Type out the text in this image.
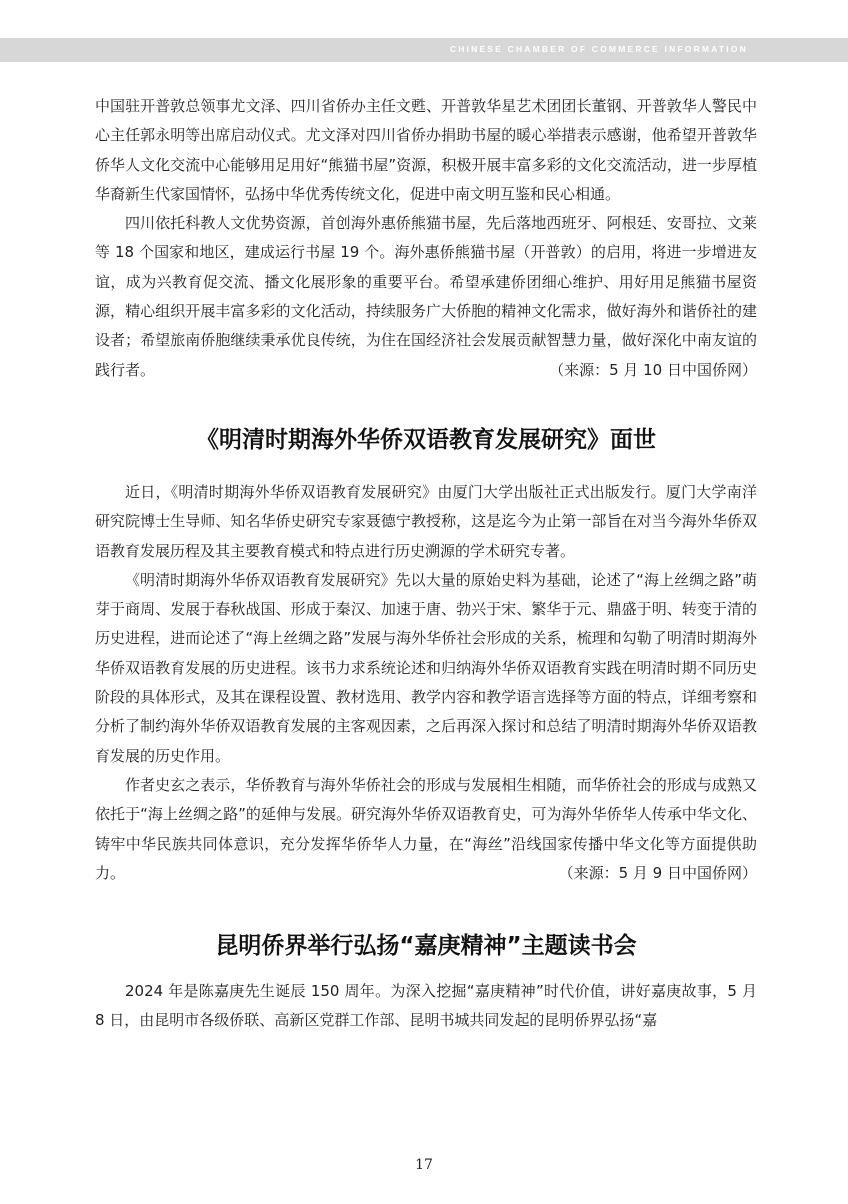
CHINESE CHAMBER OF COMMERCE INFORMATION

中国驻开普敦总领事尤文泽、四川省侨办主任文甦、开普敦华星艺术团团长董钢、开普敦华人警民中心主任郭永明等出席启动仪式。尤文泽对四川省侨办捐助书屋的暖心举措表示感谢，他希望开普敦华侨华人文化交流中心能够用足用好“熊猫书屋”资源，积极开展丰富多彩的文化交流活动，进一步厚植华裔新生代家国情怀，弘扬中华优秀传统文化，促进中南文明互鉴和民心相通。

四川依托科教人文优势资源，首创海外惠侨熊猫书屋，先后落地西班牙、阿根廷、安哥拉、文莱等 18 个国家和地区，建成运行书屋 19 个。海外惠侨熊猫书屋（开普敦）的启用，将进一步增进友谊，成为兴教育促交流、播文化展形象的重要平台。希望承建侨团细心维护、用好用足熊猫书屋资源，精心组织开展丰富多彩的文化活动，持续服务广大侨胞的精神文化需求，做好海外和谐侨社的建设者；希望旅南侨胞继续秉承优良传统，为住在国经济社会发展贡献智慧力量，做好深化中南友谊的践行者。	（来源：5 月 10 日中国侨网）

《明清时期海外华侨双语教育发展研究》面世

近日，《明清时期海外华侨双语教育发展研究》由厦门大学出版社正式出版发行。厦门大学南洋研究院博士生导师、知名华侨史研究专家聂德宁教授称，这是迄今为止第一部旨在对当今海外华侨双语教育发展历程及其主要教育模式和特点进行历史溯源的学术研究专著。

《明清时期海外华侨双语教育发展研究》先以大量的原始史料为基础，论述了“海上丝绸之路”萌芽于商周、发展于春秋战国、形成于秦汉、加速于唐、勃兴于宋、繁华于元、鼎盛于明、转变于清的历史进程，进而论述了“海上丝绸之路”发展与海外华侨社会形成的关系，梳理和勾勒了明清时期海外华侨双语教育发展的历史进程。该书力求系统论述和归纳海外华侨双语教育实践在明清时期不同历史阶段的具体形式，及其在课程设置、教材选用、教学内容和教学语言选择等方面的特点，详细考察和分析了制约海外华侨双语教育发展的主客观因素，之后再深入探讨和总结了明清时期海外华侨双语教育发展的历史作用。

作者史玄之表示，华侨教育与海外华侨社会的形成与发展相生相随，而华侨社会的形成与成熟又依托于“海上丝绸之路”的延伸与发展。研究海外华侨双语教育史，可为海外华侨华人传承中华文化、铸牢中华民族共同体意识，充分发挥华侨华人力量，在“海丝”沿线国家传播中华文化等方面提供助力。	（来源：5 月 9 日中国侨网）

昆明侨界举行弘扬“嘉庚精神”主题读书会

2024 年是陈嘉庚先生诞辰 150 周年。为深入挖掘“嘉庚精神”时代价值，讲好嘉庚故事，5 月 8 日，由昆明市各级侨联、高新区党群工作部、昆明书城共同发起的昆明侨界弘扬“嘉

17
